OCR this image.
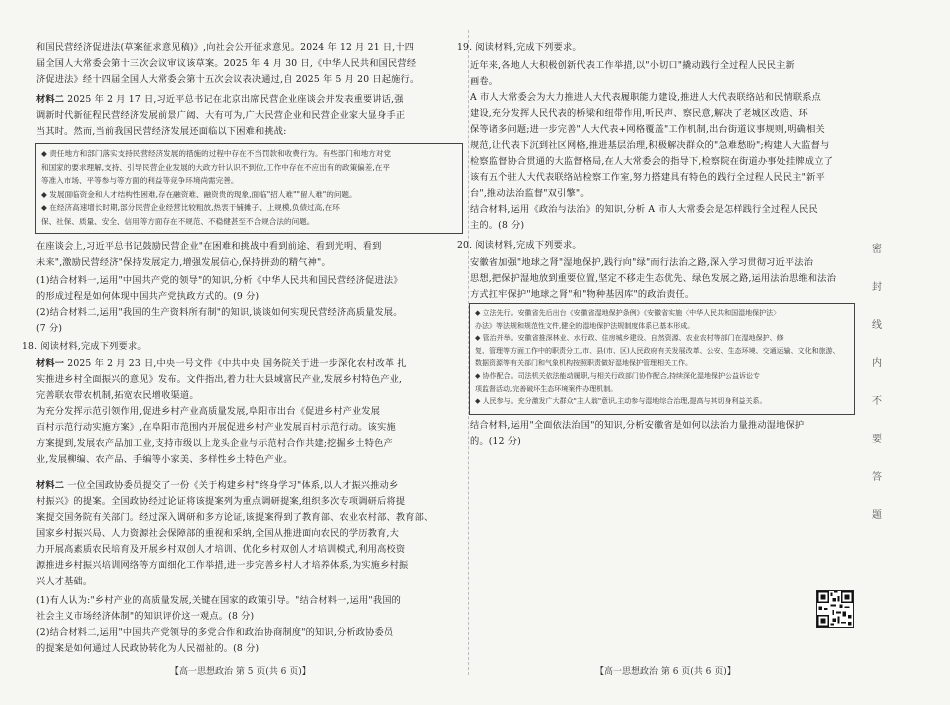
和国民营经济促进法(草案征求意见稿)》,向社会公开征求意见。2024 年 12 月 21 日,十四
届全国人大常委会第十三次会议审议该草案。2025 年 4 月 30 日,《中华人民共和国民营经
济促进法》经十四届全国人大常委会第十五次会议表决通过,自 2025 年 5 月 20 日起施行。
材料二 2025 年 2 月 17 日,习近平总书记在北京出席民营企业座谈会并发表重要讲话,强
调新时代新征程民营经济发展前景广阔、大有可为,广大民营企业和民营企业家大显身手正
当其时。然而,当前我国民营经济发展还面临以下困难和挑战:

◆ 责任地方和部门落实支持民营经济发展的措施的过程中存在不当罚款和收费行为。有些部门和地方对党

和国家的要求理解,支持、引导民营企业发展的大政方针认识不到位,工作中存在不应出有的政策偏差,在平

等准入市场、平等参与等方面的利益等竞争环境尚需完善。

◆ 发展面临资金和人才结构性困难,存在融资难、融资贵的现象,面临"招人难""留人难"的问题。

◆ 在经济高速增长时期,部分民营企业经营比较粗放,热衷于铺摊子、上规模,负债过高,在环

保、社保、质量、安全、信用等方面存在不规范、不稳健甚至不合规合法的问题。

在座谈会上,习近平总书记鼓励民营企业"在困难和挑战中看到前途、看到光明、看到
未来",激励民营经济"保持发展定力,增强发展信心,保持拼劲的精气神"。
(1)结合材料一,运用"中国共产党的领导"的知识,分析《中华人民共和国民营经济促进法》
的形成过程是如何体现中国共产党执政方式的。(9 分)
(2)结合材料二,运用"我国的生产资料所有制"的知识,谈谈如何实现民营经济高质量发展。
(7 分)
18. 阅读材料,完成下列要求。
材料一 2025 年 2 月 23 日,中央一号文件《中共中央 国务院关于进一步深化农村改革 扎
实推进乡村全面振兴的意见》发布。文件指出,着力壮大县域富民产业,发展乡村特色产业,
完善联农带农机制,拓宽农民增收渠道。
为充分发挥示范引领作用,促进乡村产业高质量发展,阜阳市出台《促进乡村产业发展
百村示范行动实施方案》,在阜阳市范围内开展促进乡村产业发展百村示范行动。该实施
方案提到,发展农产品加工业,支持市级以上龙头企业与示范村合作共建;挖掘乡土特色产
业,发展柳编、农产品、手编等小家美、多样性乡土特色产业。
材料二 一位全国政协委员提交了一份《关于构建乡村"终身学习"体系,以人才振兴推动乡
村振兴》的提案。全国政协经过论证将该提案列为重点调研提案,组织多次专项调研后将提
案提交国务院有关部门。经过深入调研和多方论证,该提案得到了教育部、农业农村部、教育部、
国家乡村振兴局、人力资源社会保障部的重视和采纳,全国从推进面向农民的学历教育,大
力开展高素质农民培育及开展乡村双创人才培训、优化乡村双创人才培训模式,利用高校资
源推进乡村振兴培训网络等方面细化工作举措,进一步完善乡村人才培养体系,为实施乡村振
兴人才基础。
(1)有人认为:"乡村产业的高质量发展,关键在国家的政策引导。"结合材料一,运用"我国的
社会主义市场经济体制"的知识评价这一观点。(8 分)
(2)结合材料二,运用"中国共产党领导的多党合作和政治协商制度"的知识,分析政协委员
的提案是如何通过人民政协转化为人民福祉的。(8 分)
【高一思想政治 第 5 页(共 6 页)】
19. 阅读材料,完成下列要求。
近年来,各地人大积极创新代表工作举措,以"小切口"撬动践行全过程人民民主新
画卷。
A 市人大常委会为大力推进人大代表履职能力建设,推进人大代表联络站和民情联系点
建设,充分发挥人民代表的桥梁和纽带作用,听民声、察民意,解决了老城区改造、环
保等诸多问题;进一步完善"人大代表+网格覆盖"工作机制,出台街道议事规则,明确相关
规范,让代表下沉到社区网格,推进基层治理,积极解决群众的"急难愁盼";构建人大监督与
检察监督协合贯通的大监督格局,在人大常委会的指导下,检察院在街道办事处挂牌成立了
该有五个驻人大代表联络站检察工作室,努力搭建具有特色的践行全过程人民民主"新平
台",推动法治监督"双引擎"。
结合材料,运用《政治与法治》的知识,分析 A 市人大常委会是怎样践行全过程人民民
主的。(8 分)
20. 阅读材料,完成下列要求。
安徽省加强"地球之肾"湿地保护,践行向"绿"而行法治之路,深入学习贯彻习近平法治
思想,把保护湿地放到重要位置,坚定不移走生态优先、绿色发展之路,运用法治思维和法治
方式扛牢保护"地球之肾"和"物种基因库"的政治责任。

◆ 立法先行。安徽省先后出台《安徽省湿地保护条例》《安徽省实施〈中华人民共和国湿地保护法〉

办法》等法规和规范性文件,健全的湿地保护法规制度体系已基本形成。

◆ 管治并举。安徽省推深林业、水行政、住房城乡建设、自然资源、农业农村等部门在湿地保护、修

复、管理等方面工作中的职责分工,市、县(市、区)人民政府有关发展改革、公安、生态环境、交通运输、文化和旅游、

数据资源等有关部门和气象机构按照职责做好湿地保护管理相关工作。

◆ 协作配合。司法机关依法能动履职,与相关行政部门协作配合,持续深化湿地保护公益诉讼专

项监督活动,完善破坏生态环境案件办理机制。

◆ 人民参与。充分激发广大群众"主人翁"意识,主动参与湿地综合治理,提高与其切身利益关系。

结合材料,运用"全面依法治国"的知识,分析安徽省是如何以法治力量推动湿地保护
的。(12 分)
【高一思想政治 第 6 页(共 6 页)】
密
封
线
内
不
要
答
题
